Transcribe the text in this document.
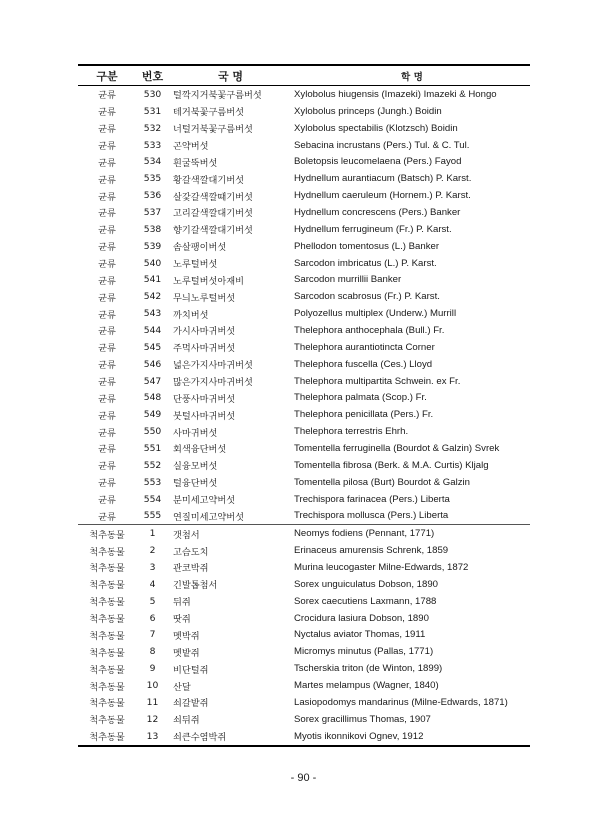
구분	번호	국 명	학 명
균류	530	털깍지거북꽃구름버섯	Xylobolus hiugensis (Imazeki) Imazeki & Hongo
균류	531	테거북꽃구름버섯	Xylobolus princeps (Jungh.) Boidin
균류	532	너털거북꽃구름버섯	Xylobolus spectabilis (Klotzsch) Boidin
균류	533	곤약버섯	Sebacina incrustans (Pers.) Tul. & C. Tul.
균류	534	흰굴뚝버섯	Boletopsis leucomelaena (Pers.) Fayod
균류	535	황갈색깔대기버섯	Hydnellum aurantiacum (Batsch) P. Karst.
균류	536	살갗갈색깔때기버섯	Hydnellum caeruleum (Hornem.) P. Karst.
균류	537	고리갈색깔대기버섯	Hydnellum concrescens (Pers.) Banker
균류	538	향기갈색깔대기버섯	Hydnellum ferrugineum (Fr.) P. Karst.
균류	539	솜살팽이버섯	Phellodon tomentosus (L.) Banker
균류	540	노루털버섯	Sarcodon imbricatus (L.) P. Karst.
균류	541	노루털버섯아재비	Sarcodon murrillii Banker
균류	542	무늬노루털버섯	Sarcodon scabrosus (Fr.) P. Karst.
균류	543	까치버섯	Polyozellus multiplex (Underw.) Murrill
균류	544	가시사마귀버섯	Thelephora anthocephala (Bull.) Fr.
균류	545	주먹사마귀버섯	Thelephora aurantiotincta Corner
균류	546	넓은가지사마귀버섯	Thelephora fuscella (Ces.) Lloyd
균류	547	많은가지사마귀버섯	Thelephora multipartita Schwein. ex Fr.
균류	548	단풍사마귀버섯	Thelephora palmata (Scop.) Fr.
균류	549	붓털사마귀버섯	Thelephora penicillata (Pers.) Fr.
균류	550	사마귀버섯	Thelephora terrestris Ehrh.
균류	551	회색융단버섯	Tomentella ferruginella (Bourdot & Galzin) Svrek
균류	552	실융모버섯	Tomentella fibrosa (Berk. & M.A. Curtis) Kljalg
균류	553	털융단버섯	Tomentella pilosa (Burt) Bourdot & Galzin
균류	554	분미세고약버섯	Trechispora farinacea (Pers.) Liberta
균류	555	연질미세고약버섯	Trechispora mollusca (Pers.) Liberta
척추동물	1	갯첨서	Neomys fodiens (Pennant, 1771)
척추동물	2	고슴도치	Erinaceus amurensis Schrenk, 1859
척추동물	3	관코박쥐	Murina leucogaster Milne-Edwards, 1872
척추동물	4	긴발톱첨서	Sorex unguiculatus Dobson, 1890
척추동물	5	뒤쥐	Sorex caecutiens Laxmann, 1788
척추동물	6	땃쥐	Crocidura lasiura Dobson, 1890
척추동물	7	멧박쥐	Nyctalus aviator Thomas, 1911
척추동물	8	멧밭쥐	Micromys minutus (Pallas, 1771)
척추동물	9	비단털쥐	Tscherskia triton (de Winton, 1899)
척추동물	10	산달	Martes melampus (Wagner, 1840)
척추동물	11	쇠갈밭쥐	Lasiopodomys mandarinus (Milne-Edwards, 1871)
척추동물	12	쇠뒤쥐	Sorex gracillimus Thomas, 1907
척추동물	13	쇠큰수염박쥐	Myotis ikonnikovi Ognev, 1912
- 90 -
